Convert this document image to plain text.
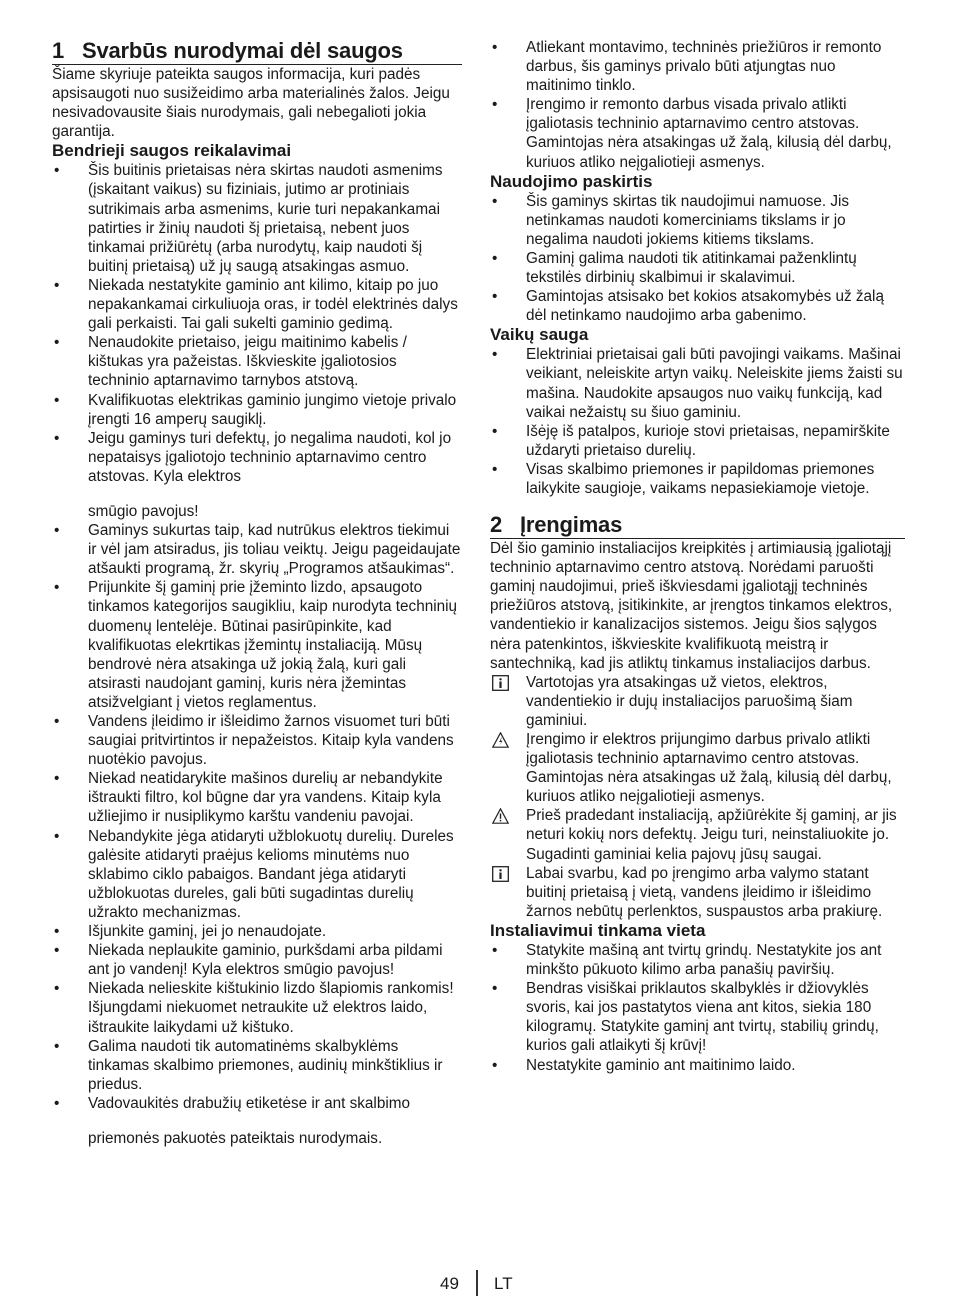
1 Svarbūs nurodymai dėl saugos

Šiame skyriuje pateikta saugos informacija, kuri padės apsisaugoti nuo susižeidimo arba materialinės žalos. Jeigu nesivadovausite šiais nurodymais, gali nebegalioti jokia garantija.

Bendrieji saugos reikalavimai
• Šis buitinis prietaisas nėra skirtas naudoti asmenims (įskaitant vaikus) su fiziniais, jutimo ar protiniais sutrikimais arba asmenims, kurie turi nepakankamai patirties ir žinių naudoti šį prietaisą, nebent juos tinkamai prižiūrėtų (arba nurodytų, kaip naudoti šį buitinį prietaisą) už jų saugą atsakingas asmuo.
• Niekada nestatykite gaminio ant kilimo, kitaip po juo nepakankamai cirkuliuoja oras, ir todėl elektrinės dalys gali perkaisti. Tai gali sukelti gaminio gedimą.
• Nenaudokite prietaiso, jeigu maitinimo kabelis / kištukas yra pažeistas. Iškvieskite įgaliotosios techninio aptarnavimo tarnybos atstovą.
• Kvalifikuotas elektrikas gaminio jungimo vietoje privalo įrengti 16 amperų saugiklį.
• Jeigu gaminys turi defektų, jo negalima naudoti, kol jo nepataisys įgaliotojo techninio aptarnavimo centro atstovas. Kyla elektros

smūgio pavojus!

• Gaminys sukurtas taip, kad nutrūkus elektros tiekimui ir vėl jam atsiradus, jis toliau veiktų. Jeigu pageidaujate atšaukti programą, žr. skyrių „Programos atšaukimas“.
• Prijunkite šį gaminį prie įžeminto lizdo, apsaugoto tinkamos kategorijos saugikliu, kaip nurodyta techninių duomenų lentelėje. Būtinai pasirūpinkite, kad kvalifikuotas elekrtikas įžemintų instaliaciją. Mūsų bendrovė nėra atsakinga už jokią žalą, kuri gali atsirasti naudojant gaminį, kuris nėra įžemintas atsižvelgiant į vietos reglamentus.
• Vandens įleidimo ir išleidimo žarnos visuomet turi būti saugiai pritvirtintos ir nepažeistos. Kitaip kyla vandens nuotėkio pavojus.
• Niekad neatidarykite mašinos durelių ar nebandykite ištraukti filtro, kol būgne dar yra vandens. Kitaip kyla užliejimo ir nusiplikymo karštu vandeniu pavojai.
• Nebandykite jėga atidaryti užblokuotų durelių. Dureles galėsite atidaryti praėjus kelioms minutėms nuo sklabimo ciklo pabaigos. Bandant jėga atidaryti užblokuotas dureles, gali būti sugadintas durelių užrakto mechanizmas.
• Išjunkite gaminį, jei jo nenaudojate.
• Niekada neplaukite gaminio, purkšdami arba pildami ant jo vandenį! Kyla elektros smūgio pavojus!
• Niekada nelieskite kištukinio lizdo šlapiomis rankomis! Išjungdami niekuomet netraukite už elektros laido, ištraukite laikydami už kištuko.
• Galima naudoti tik automatinėms skalbyklėms tinkamas skalbimo priemones, audinių minkštiklius ir priedus.
• Vadovaukitės drabužių etiketėse ir ant skalbimo

priemonės pakuotės pateiktais nurodymais.

• Atliekant montavimo, techninės priežiūros ir remonto darbus, šis gaminys privalo būti atjungtas nuo maitinimo tinklo.
• Įrengimo ir remonto darbus visada privalo atlikti įgaliotasis techninio aptarnavimo centro atstovas. Gamintojas nėra atsakingas už žalą, kilusią dėl darbų, kuriuos atliko neįgaliotieji asmenys.
Naudojimo paskirtis
• Šis gaminys skirtas tik naudojimui namuose. Jis netinkamas naudoti komerciniams tikslams ir jo negalima naudoti jokiems kitiems tikslams.
• Gaminį galima naudoti tik atitinkamai paženklintų tekstilės dirbinių skalbimui ir skalavimui.
• Gamintojas atsisako bet kokios atsakomybės už žalą dėl netinkamo naudojimo arba gabenimo.
Vaikų sauga
• Elektriniai prietaisai gali būti pavojingi vaikams. Mašinai veikiant, neleiskite artyn vaikų. Neleiskite jiems žaisti su mašina. Naudokite apsaugos nuo vaikų funkciją, kad vaikai nežaistų su šiuo gaminiu.
• Išėję iš patalpos, kurioje stovi prietaisas, nepamirškite uždaryti prietaiso durelių.
• Visas skalbimo priemones ir papildomas priemones laikykite saugioje, vaikams nepasiekiamoje vietoje.
2 Įrengimas

Dėl šio gaminio instaliacijos kreipkitės į artimiausią įgaliotąjį techninio aptarnavimo centro atstovą. Norėdami paruošti gaminį naudojimui, prieš iškviesdami įgaliotąjį techninės priežiūros atstovą, įsitikinkite, ar įrengtos tinkamos elektros, vandentiekio ir kanalizacijos sistemos. Jeigu šios sąlygos nėra patenkintos, iškvieskite kvalifikuotą meistrą ir santechniką, kad jis atliktų tinkamus instaliacijos darbus.

Vartotojas yra atsakingas už vietos, elektros, vandentiekio ir dujų instaliacijos paruošimą šiam gaminiui.
Įrengimo ir elektros prijungimo darbus privalo atlikti įgaliotasis techninio aptarnavimo centro atstovas. Gamintojas nėra atsakingas už žalą, kilusią dėl darbų, kuriuos atliko neįgaliotieji asmenys.
Prieš pradedant instaliaciją, apžiūrėkite šį gaminį, ar jis neturi kokių nors defektų. Jeigu turi, neinstaliuokite jo. Sugadinti gaminiai kelia pajovų jūsų saugai.
Labai svarbu, kad po įrengimo arba valymo statant buitinį prietaisą į vietą, vandens įleidimo ir išleidimo žarnos nebūtų perlenktos, suspaustos arba prakiurę.
Instaliavimui tinkama vieta
• Statykite mašiną ant tvirtų grindų. Nestatykite jos ant minkšto pūkuoto kilimo arba panašių paviršių.
• Bendras visiškai priklautos skalbyklės ir džiovyklės svoris, kai jos pastatytos viena ant kitos, siekia 180 kilogramų. Statykite gaminį ant tvirtų, stabilių grindų, kurios gali atlaikyti šį krūvį!
• Nestatykite gaminio ant maitinimo laido.
49 LT
